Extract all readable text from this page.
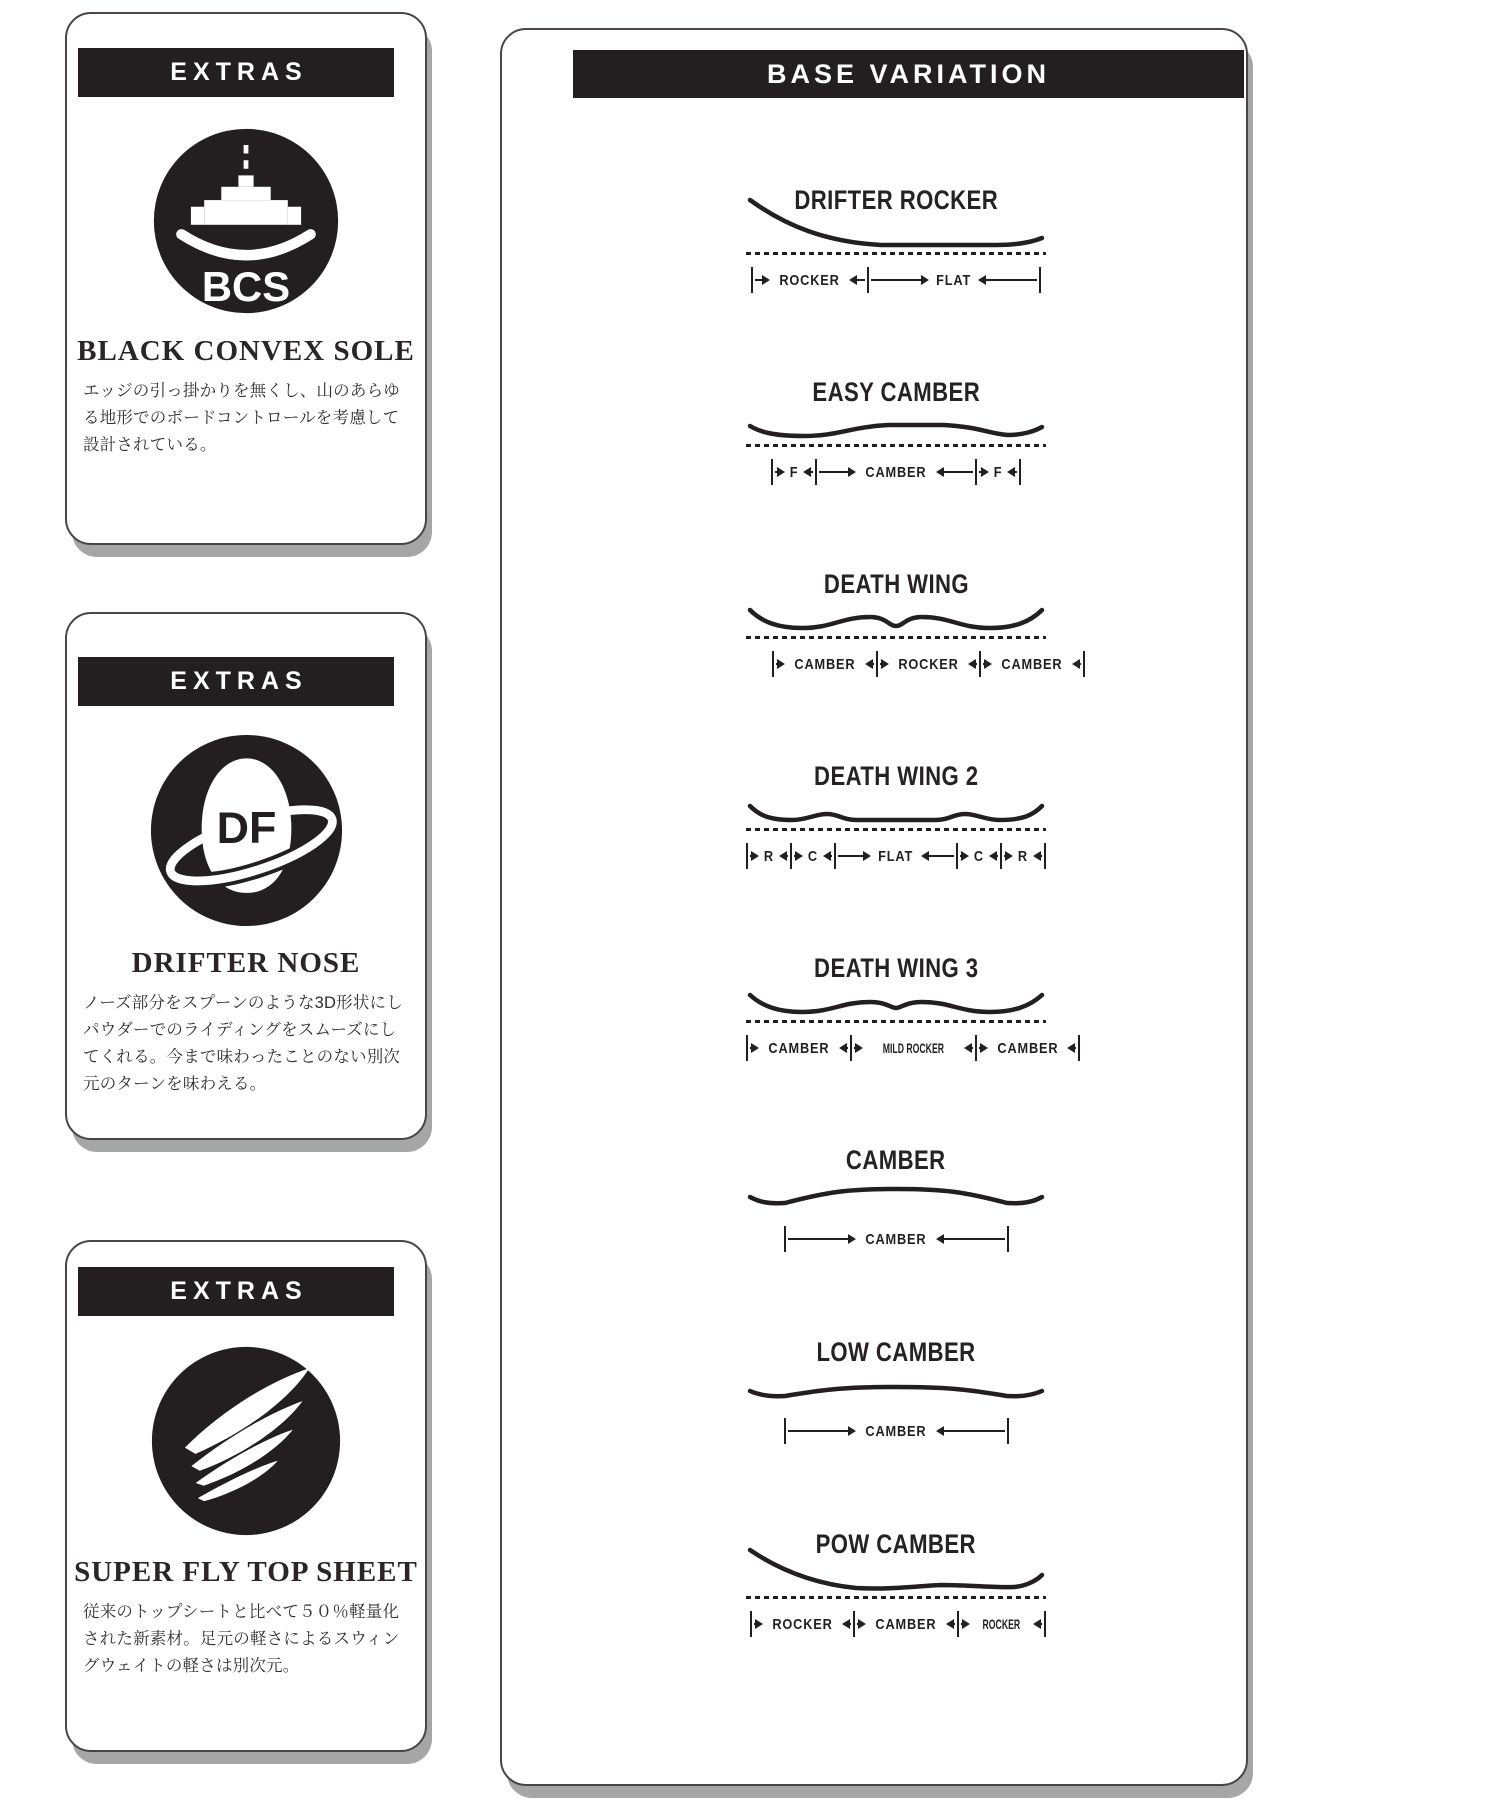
EXTRAS
BCS
BLACK CONVEX SOLE
エッジの引っ掛かりを無くし、山のあらゆる地形でのボードコントロールを考慮して設計されている。
EXTRAS
DF
DRIFTER NOSE
ノーズ部分をスプーンのような3D形状にしパウダーでのライディングをスムーズにしてくれる。今まで味わったことのない別次元のターンを味わえる。
EXTRAS
SUPER FLY TOP SHEET
従来のトップシートと比べて５０％軽量化された新素材。足元の軽さによるスウィングウェイトの軽さは別次元。
BASE VARIATION
DRIFTER ROCKER
ROCKER	FLAT
EASY CAMBER
F	CAMBER	F
DEATH WING
CAMBER	ROCKER	CAMBER
DEATH WING 2
R C	FLAT	C R
DEATH WING 3
CAMBER	MILD ROCKER	CAMBER
CAMBER
CAMBER
LOW CAMBER
CAMBER
POW CAMBER
ROCKER	CAMBER	ROCKER
